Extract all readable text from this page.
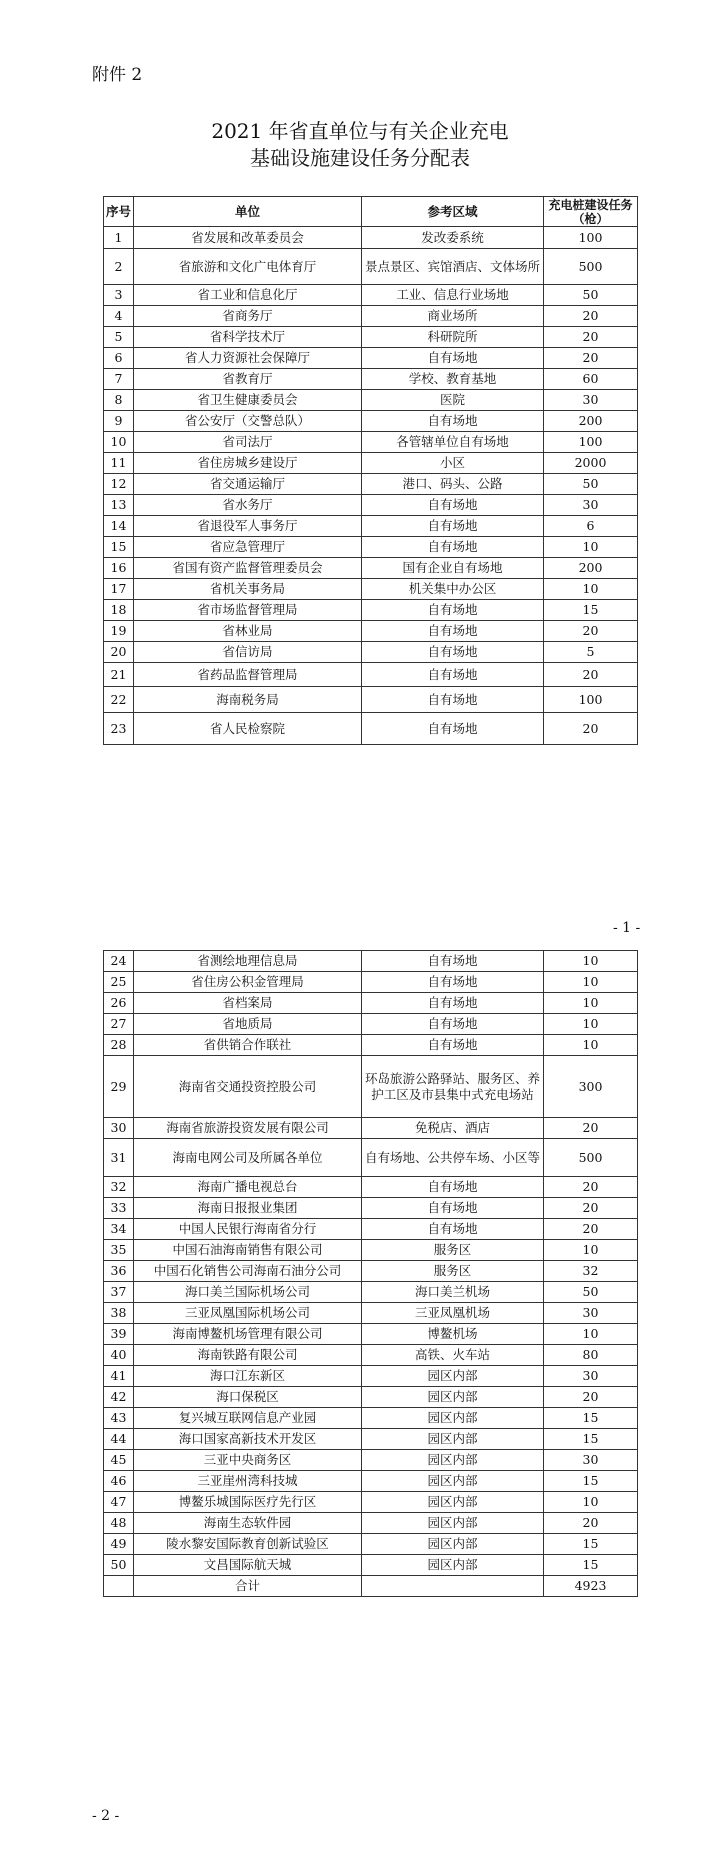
附件 2
2021 年省直单位与有关企业充电
基础设施建设任务分配表
序号	单位	参考区域	充电桩建设任务（枪）
1	省发展和改革委员会	发改委系统	100
2	省旅游和文化广电体育厅	景点景区、宾馆酒店、文体场所	500
3	省工业和信息化厅	工业、信息行业场地	50
4	省商务厅	商业场所	20
5	省科学技术厅	科研院所	20
6	省人力资源社会保障厅	自有场地	20
7	省教育厅	学校、教育基地	60
8	省卫生健康委员会	医院	30
9	省公安厅（交警总队）	自有场地	200
10	省司法厅	各管辖单位自有场地	100
11	省住房城乡建设厅	小区	2000
12	省交通运输厅	港口、码头、公路	50
13	省水务厅	自有场地	30
14	省退役军人事务厅	自有场地	6
15	省应急管理厅	自有场地	10
16	省国有资产监督管理委员会	国有企业自有场地	200
17	省机关事务局	机关集中办公区	10
18	省市场监督管理局	自有场地	15
19	省林业局	自有场地	20
20	省信访局	自有场地	5
21	省药品监督管理局	自有场地	20
22	海南税务局	自有场地	100
23	省人民检察院	自有场地	20
- 1 -
24	省测绘地理信息局	自有场地	10
25	省住房公积金管理局	自有场地	10
26	省档案局	自有场地	10
27	省地质局	自有场地	10
28	省供销合作联社	自有场地	10
29	海南省交通投资控股公司	环岛旅游公路驿站、服务区、养护工区及市县集中式充电场站	300
30	海南省旅游投资发展有限公司	免税店、酒店	20
31	海南电网公司及所属各单位	自有场地、公共停车场、小区等	500
32	海南广播电视总台	自有场地	20
33	海南日报报业集团	自有场地	20
34	中国人民银行海南省分行	自有场地	20
35	中国石油海南销售有限公司	服务区	10
36	中国石化销售公司海南石油分公司	服务区	32
37	海口美兰国际机场公司	海口美兰机场	50
38	三亚凤凰国际机场公司	三亚凤凰机场	30
39	海南博鳌机场管理有限公司	博鳌机场	10
40	海南铁路有限公司	高铁、火车站	80
41	海口江东新区	园区内部	30
42	海口保税区	园区内部	20
43	复兴城互联网信息产业园	园区内部	15
44	海口国家高新技术开发区	园区内部	15
45	三亚中央商务区	园区内部	30
46	三亚崖州湾科技城	园区内部	15
47	博鳌乐城国际医疗先行区	园区内部	10
48	海南生态软件园	园区内部	20
49	陵水黎安国际教育创新试验区	园区内部	15
50	文昌国际航天城	园区内部	15
	合计		4923
- 2 -
